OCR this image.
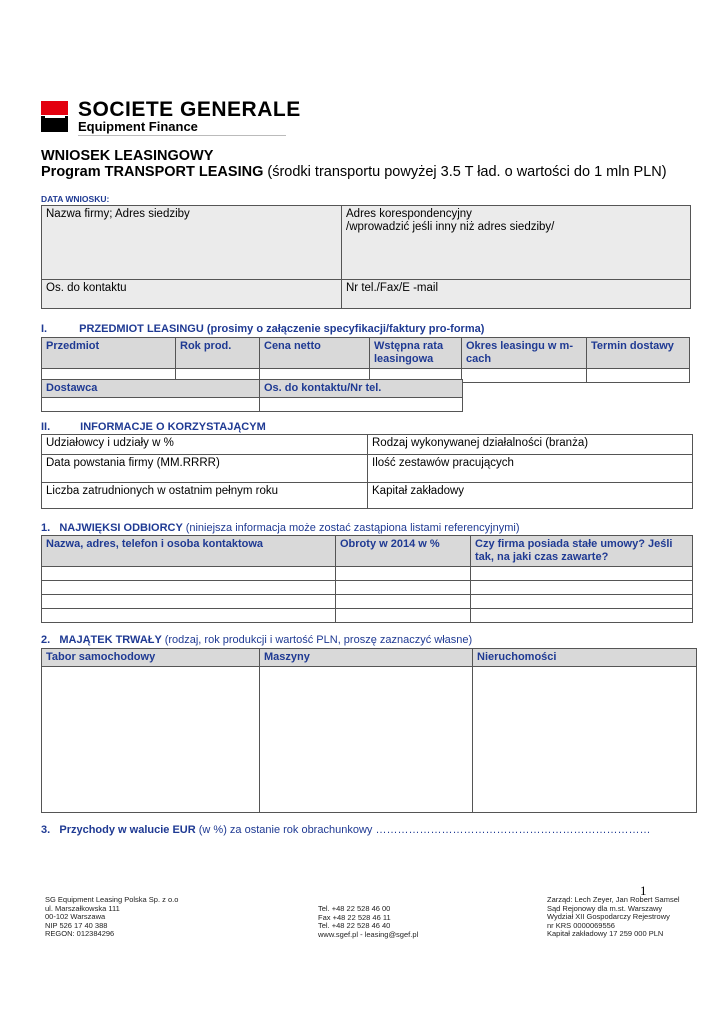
SOCIETE GENERALE
Equipment Finance
WNIOSEK LEASINGOWY
Program TRANSPORT LEASING (środki transportu powyżej 3.5 T ład. o wartości do 1 mln PLN)
DATA WNIOSKU:
Nazwa firmy; Adres siedziby	Adres korespondencyjny
/wprowadzić jeśli inny niż adres siedziby/
Os. do kontaktu	Nr tel./Fax/E -mail
I.	PRZEDMIOT LEASINGU (prosimy o załączenie specyfikacji/faktury pro-forma)
Przedmiot	Rok prod.	Cena netto	Wstępna rata leasingowa	Okres leasingu w m-cach	Termin dostawy

Dostawca	Os. do kontaktu/Nr tel.

II.	INFORMACJE O KORZYSTAJĄCYM
Udziałowcy i udziały w %	Rodzaj wykonywanej działalności (branża)
Data powstania firmy (MM.RRRR)	Ilość zestawów pracujących
Liczba zatrudnionych w ostatnim pełnym roku	Kapitał zakładowy
1. NAJWIĘKSI ODBIORCY (niniejsza informacja może zostać zastąpiona listami referencyjnymi)
Nazwa, adres, telefon i osoba kontaktowa	Obroty w 2014 w %	Czy firma posiada stałe umowy? Jeśli tak, na jaki czas zawarte?

2. MAJĄTEK TRWAŁY (rodzaj, rok produkcji i wartość PLN, proszę zaznaczyć własne)
Tabor samochodowy	Maszyny	Nieruchomości

3. Przychody w walucie EUR (w %) za ostanie rok obrachunkowy …………………………………………………………………
1
SG Equipment Leasing Polska Sp. z o.o
ul. Marszałkowska 111
00-102 Warszawa
NIP 526 17 40 388
REGON: 012384296
Tel. +48 22 528 46 00
Fax +48 22 528 46 11
Tel. +48 22 528 46 40
www.sgef.pl - leasing@sgef.pl
Zarząd: Lech Zeyer, Jan Robert Samsel
Sąd Rejonowy dla m.st. Warszawy
Wydział XII Gospodarczy Rejestrowy
nr KRS 0000069556
Kapitał zakładowy 17 259 000 PLN
